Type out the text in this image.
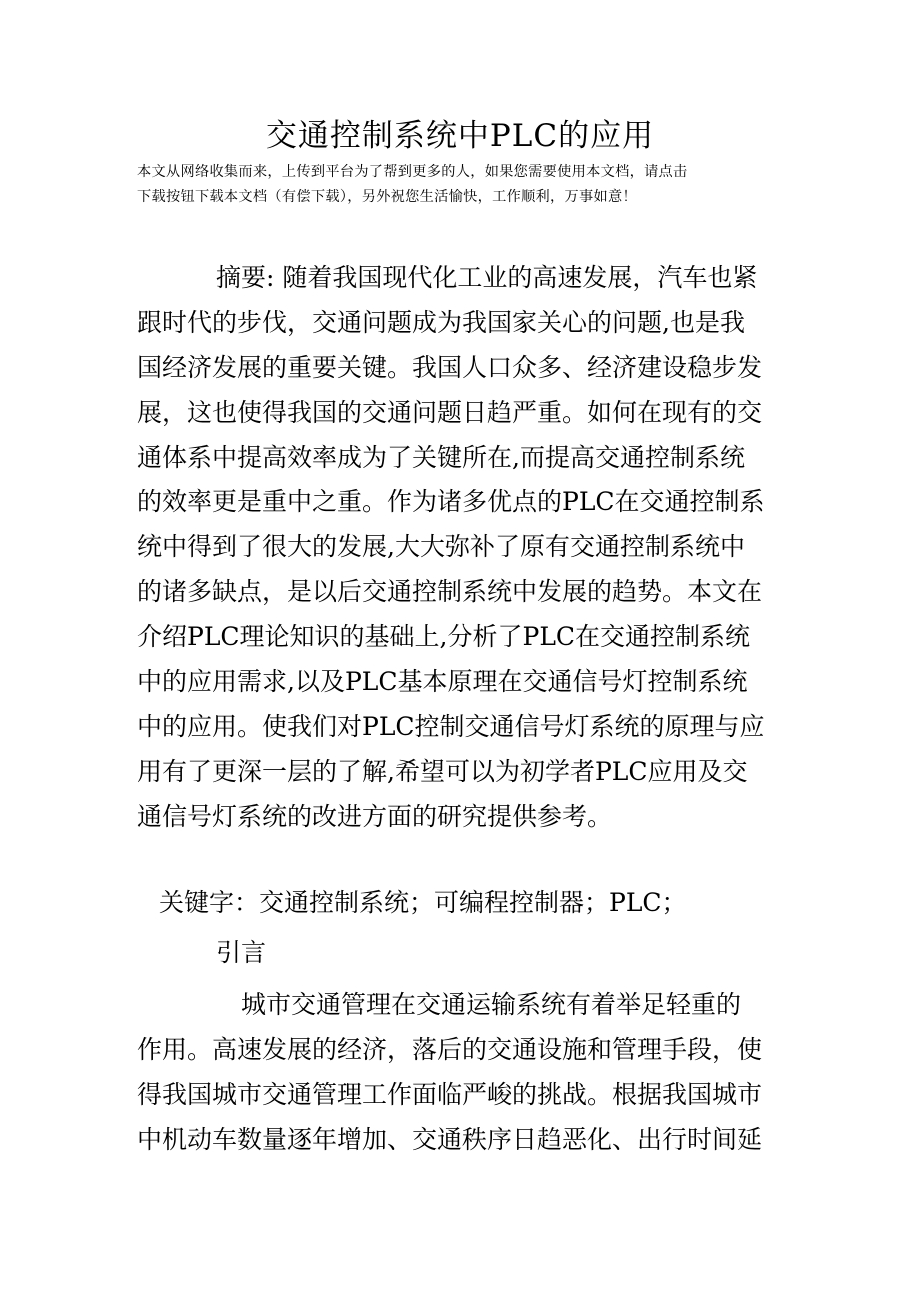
交通控制系统中PLC的应用
本文从网络收集而来，上传到平台为了帮到更多的人，如果您需要使用本文档，请点击
下载按钮下载本文档（有偿下载），另外祝您生活愉快，工作顺利，万事如意！
摘要: 随着我国现代化工业的高速发展，汽车也紧
跟时代的步伐，交通问题成为我国家关心的问题,也是我
国经济发展的重要关键。我国人口众多、经济建设稳步发
展，这也使得我国的交通问题日趋严重。如何在现有的交
通体系中提高效率成为了关键所在,而提高交通控制系统
的效率更是重中之重。作为诸多优点的PLC在交通控制系
统中得到了很大的发展,大大弥补了原有交通控制系统中
的诸多缺点，是以后交通控制系统中发展的趋势。本文在
介绍PLC理论知识的基础上,分析了PLC在交通控制系统
中的应用需求,以及PLC基本原理在交通信号灯控制系统
中的应用。使我们对PLC控制交通信号灯系统的原理与应
用有了更深一层的了解,希望可以为初学者PLC应用及交
通信号灯系统的改进方面的研究提供参考。
关键字：交通控制系统；可编程控制器；PLC；
引言
城市交通管理在交通运输系统有着举足轻重的
作用。高速发展的经济，落后的交通设施和管理手段，使
得我国城市交通管理工作面临严峻的挑战。根据我国城市
中机动车数量逐年增加、交通秩序日趋恶化、出行时间延
